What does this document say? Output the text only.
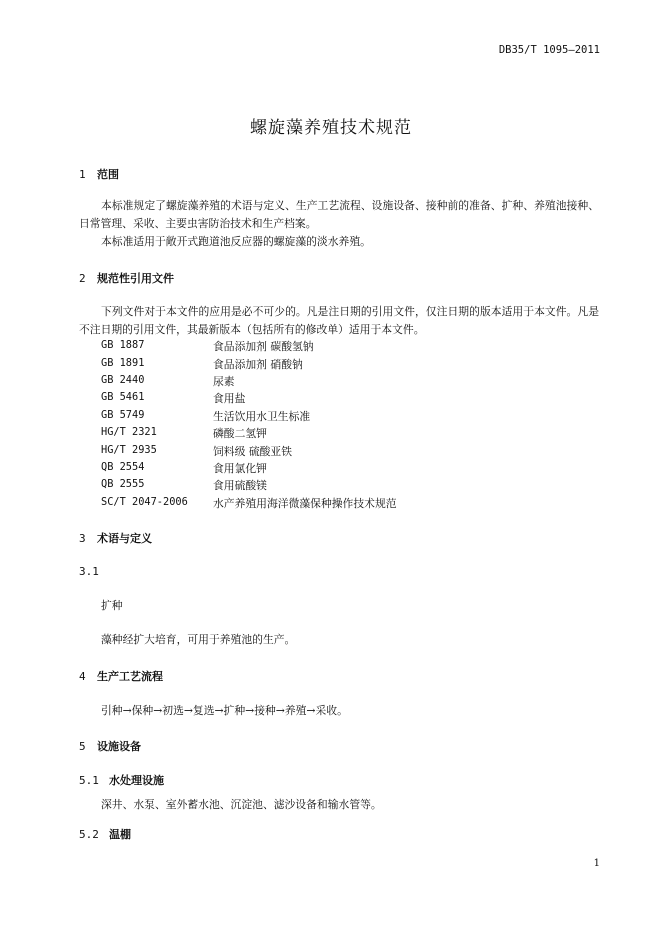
DB35/T 1095—2011
螺旋藻养殖技术规范
1 范围
本标准规定了螺旋藻养殖的术语与定义、生产工艺流程、设施设备、接种前的准备、扩种、养殖池接种、日常管理、采收、主要虫害防治技术和生产档案。
本标准适用于敞开式跑道池反应器的螺旋藻的淡水养殖。
2 规范性引用文件
下列文件对于本文件的应用是必不可少的。凡是注日期的引用文件，仅注日期的版本适用于本文件。凡是不注日期的引用文件，其最新版本（包括所有的修改单）适用于本文件。
GB 1887	食品添加剂 碳酸氢钠
GB 1891	食品添加剂 硝酸钠
GB 2440	尿素
GB 5461	食用盐
GB 5749	生活饮用水卫生标准
HG/T 2321	磷酸二氢钾
HG/T 2935	饲料级 硫酸亚铁
QB 2554	食用氯化钾
QB 2555	食用硫酸镁
SC/T 2047-2006 水产养殖用海洋微藻保种操作技术规范
3 术语与定义
3.1
扩种
藻种经扩大培育，可用于养殖池的生产。
4 生产工艺流程
引种→保种→初选→复选→扩种→接种→养殖→采收。
5 设施设备
5.1 水处理设施
深井、水泵、室外蓄水池、沉淀池、滤沙设备和输水管等。
5.2 温棚
1
